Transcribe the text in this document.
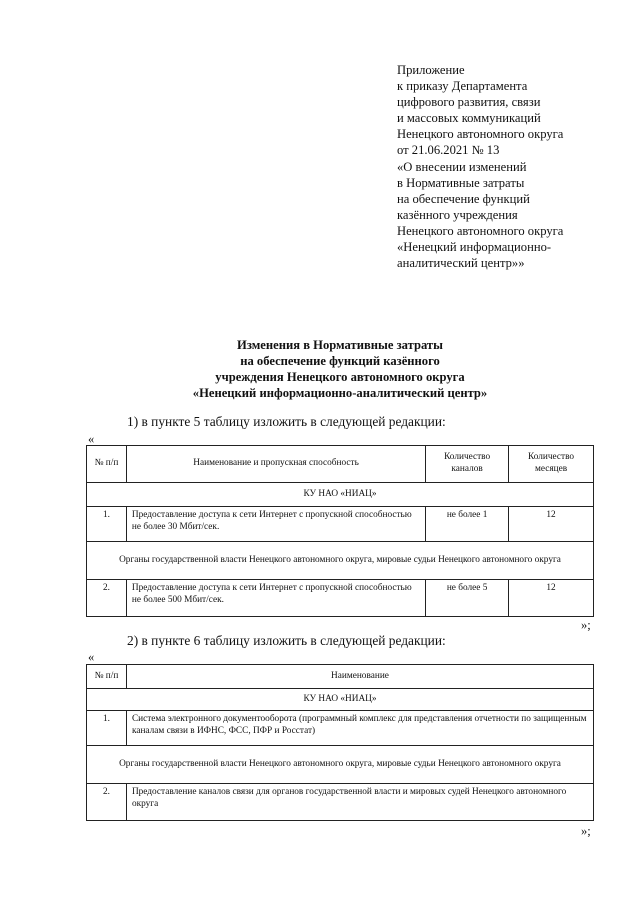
Приложение
к приказу Департамента
цифрового развития, связи
и массовых коммуникаций
Ненецкого автономного округа
от 21.06.2021 № 13
«О внесении изменений
в Нормативные затраты
на обеспечение функций
казённого учреждения
Ненецкого автономного округа
«Ненецкий информационно-
аналитический центр»»
Изменения в Нормативные затраты
на обеспечение функций казённого
учреждения Ненецкого автономного округа
«Ненецкий информационно-аналитический центр»
1) в пункте 5 таблицу изложить в следующей редакции:
«
№ п/п	Наименование и пропускная способность	Количество каналов	Количество месяцев
КУ НАО «НИАЦ»			
1.	Предоставление доступа к сети Интернет с пропускной способностью не более 30 Мбит/сек.	не более 1	12
Органы государственной власти Ненецкого автономного округа, мировые судьи Ненецкого автономного округа			
2.	Предоставление доступа к сети Интернет с пропускной способностью не более 500 Мбит/сек.	не более 5	12
»;
2) в пункте 6 таблицу изложить в следующей редакции:
«
№ п/п	Наименование
КУ НАО «НИАЦ»	
1.	Система электронного документооборота (программный комплекс для представления отчетности по защищенным каналам связи в ИФНС, ФСС, ПФР и Росстат)
Органы государственной власти Ненецкого автономного округа, мировые судьи Ненецкого автономного округа	
2.	Предоставление каналов связи для органов государственной власти и мировых судей Ненецкого автономного округа
»;
